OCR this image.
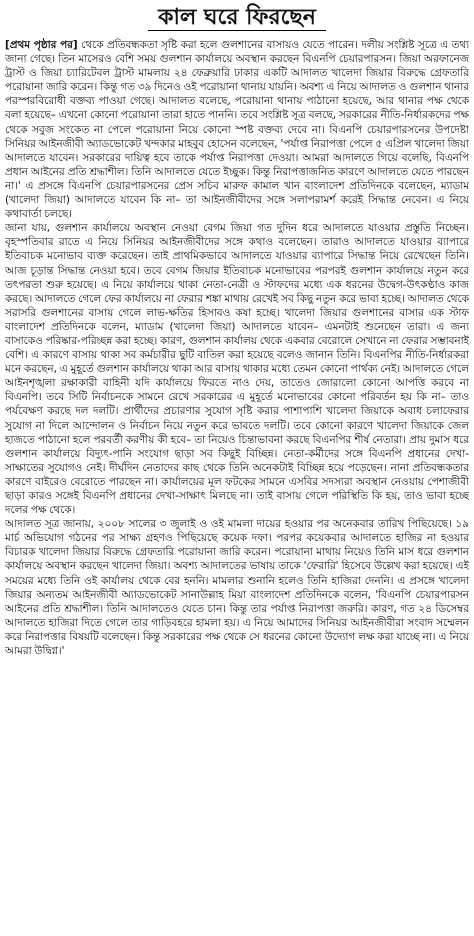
কাল ঘরে ফিরছেন

[প্রথম পৃষ্ঠার পর] থেকে প্রতিবন্ধকতা সৃষ্টি করা হলে গুলশানের বাসায়ও যেতে পারেন। দলীয় সংশ্লিষ্ট সূত্রে এ তথ্য জানা গেছে। তিন মাসেরও বেশি সময় গুলশান কার্যালয়ে অবস্থান করছেন বিএনপি চেয়ারপারসন। জিয়া অরফানেজ ট্রাস্ট ও জিয়া চ্যারিটেবল ট্রাস্ট মামলায় ২৪ ফেব্রুয়ারি ঢাকার একটি আদালত খালেদা জিয়ার বিরুদ্ধে গ্রেফতারি পরোয়ানা জারি করেন। কিন্তু গত ৩৯ দিনেও ওই পরোয়ানা থানায় যায়নি। অবশ্য এ নিয়ে আদালত ও গুলশান থানার পরস্পরবিরোধী বক্তব্য পাওয়া গেছে। আদালত বলেছে, পরোয়ানা থানায় পাঠানো হয়েছে, আর থানার পক্ষ থেকে বলা হয়েছে– এখনো কোনো পরোয়ানা তারা হাতে পাননি। তবে সংশ্লিষ্ট সূত্র বলছে, সরকারের নীতি-নির্ধারকদের পক্ষ থেকে সবুজ সংকেত না পেলে পরোয়ানা নিয়ে কোনো স্পষ্ট বক্তব্য দেবে না। বিএনপি চেয়ারপারসনের উপদেষ্টা সিনিয়র আইনজীবী অ্যাডভোকেট খন্দকার মাহবুব হোসেন বলেছেন, 'পর্যাপ্ত নিরাপত্তা পেলে ৫ এপ্রিল খালেদা জিয়া আদালতে যাবেন। সরকারের দায়িত্ব হবে তাকে পর্যাপ্ত নিরাপত্তা দেওয়া। আমরা আদালতে গিয়ে বলেছি, বিএনপি প্রধান আইনের প্রতি শ্রদ্ধাশীল। তিনি আদালতে যেতে ইচ্ছুক। কিন্তু নিরাপত্তাজনিত কারণে আদালতে যেতে পারছেন না।' এ প্রসঙ্গে বিএনপি চেয়ারপারসনের প্রেস সচিব মারুফ কামাল খান বাংলাদেশ প্রতিদিনকে বলেছেন, ম্যাডাম (খালেদা জিয়া) আদালতে যাবেন কি না– তা আইনজীবীদের সঙ্গে সলাপরামর্শ করেই সিদ্ধান্ত নেবেন। এ নিয়ে কথাবার্তা চলছে।

জানা যায়, গুলশান কার্যালয়ে অবস্থান নেওয়া বেগম জিয়া গত দুদিন ধরে আদালতে যাওয়ার প্রস্তুতি নিচ্ছেন। বৃহস্পতিবার রাতে এ নিয়ে সিনিয়র আইনজীবীদের সঙ্গে কথাও বলেছেন। তারাও আদালতে যাওয়ার ব্যাপারে ইতিবাচক মনোভাব ব্যক্ত করেছেন। তাই প্রাথমিকভাবে আদালতে যাওয়ার ব্যাপারে সিদ্ধান্ত নিয়ে রেখেছেন তিনি। আজ চূড়ান্ত সিদ্ধান্ত নেওয়া হবে। তবে বেগম জিয়ার ইতিবাচক মনোভাবের পরপরই গুলশান কার্যালয়ে নতুন করে তৎপরতা শুরু হয়েছে। এ নিয়ে কার্যালয়ে থাকা নেতা-নেত্রী ও স্টাফদের মধ্যে এক ধরনের উদ্বেগ-উৎকণ্ঠাও কাজ করছে। আদালতে গেলে ফের কার্যালয়ে না ফেরার শঙ্কা মাথায় রেখেই সব কিছু নতুন করে ভাবা হচ্ছে। আদালত থেকে সরাসরি গুলশানের বাসায় গেলে লাভ-ক্ষতির হিসাবও কষা হচ্ছে। খালেদা জিয়ার গুলশানের বাসার এক স্টাফ বাংলাদেশ প্রতিদিনকে বলেন, ম্যাডাম (খালেদা জিয়া) আদালতে যাবেন– এমনটাই শুনেছেন তারা। এ জন্য বাসাকেও পরিষ্কার-পরিচ্ছন্ন করা হচ্ছে। কারণ, গুলশান কার্যালয় থেকে একবার বেরোলে সেখানে না ফেরার সম্ভাবনাই বেশি। এ কারণে বাসায় থাকা সব কর্মচারীর ছুটি বাতিল করা হয়েছে বলেও জানান তিনি। বিএনপির নীতি-নির্ধারকরা মনে করছেন, এ মুহূর্তে গুলশান কার্যালয়ে থাকা আর বাসায় থাকার মধ্যে তেমন কোনো পার্থক্য নেই। আদালতে গেলে আইনশৃঙ্খলা রক্ষাকারী বাহিনী যদি কার্যালয়ে ফিরতে নাও দেয়, তাতেও জোরালো কোনো আপত্তি করবে না বিএনপি। তবে সিটি নির্বাচনকে সামনে রেখে সরকারের এ মুহূর্তে মনোভাবের কোনো পরিবর্তন হয় কি না– তাও পর্যবেক্ষণ করছে দল দলটি। প্রার্থীদের প্রচারণার সুযোগ সৃষ্টি করার পাশাপাশি খালেদা জিয়াকে অবাধ চলাফেরার সুযোগ না দিলে আন্দোলন ও নির্বাচন নিয়ে নতুন করে ভাবতে দলটি। তবে কোনো কারণে খালেদা জিয়াকে জেল হাজতে পাঠানো হলে পরবর্তী করণীয় কী হবে– তা নিয়েও চিন্তাভাবনা করছে বিএনপির শীর্ষ নেতারা। প্রায় দুমাস ধরে গুলশান কার্যালয়ে বিদ্যুৎ-পানি সংযোগ ছাড়া সব কিছুই বিচ্ছিন্ন। নেতা-কর্মীদের সঙ্গে বিএনপি প্রধানের দেখা-সাক্ষাতের সুযোগও নেই। দীর্ঘদিন নেতাদের কাছ থেকে তিনি অনেকটাই বিচ্ছিন্ন হয়ে পড়েছেন। নানা প্রতিবন্ধকতার কারণে বাইরেও বেরোতে পারছেন না। কার্যালয়ের মূল ফটকের সামনে এসবির সদস্যরা অবস্থান নেওয়ায় পেশাজীবী ছাড়া কারও সঙ্গেই বিএনপি প্রধানের দেখা-সাক্ষাৎ মিলছে না। তাই বাসায় গেলে পরিস্থিতি কি হয়, তাও ভাবা হচ্ছে দলের পক্ষ থেকে।

আদালত সূত্র জানায়, ২০০৮ সালের ৩ জুলাই ও ওই মামলা দায়ের হওয়ার পর অনেকবার তারিখ পিছিয়েছে। ১৯ মার্চ অভিযোগ গঠনের পর সাক্ষ্য গ্রহণও পিছিয়েছে কয়েক দফা। পরপর কয়েকবার আদালতে হাজির না হওয়ার বিচারক খালেদা জিয়ার বিরুদ্ধে গ্রেফতারি পরোয়ানা জারি করেন। পরোয়ানা মাথায় নিয়েও তিনি মাস ধরে গুলশান কার্যালয়ে অবস্থান করছেন খালেদা জিয়া। অবশ্য আদালতের ভাষায় তাকে 'ফেরারি' হিসেবে উল্লেখ করা হয়েছে। এই সময়ের মধ্যে তিনি ওই কার্যালয় থেকে বের হননি। মামলার শুনানি হলেও তিনি হাজিরা দেননি। এ প্রসঙ্গে খালেদা জিয়ার অন্যতম আইনজীবী অ্যাডভোকেট সানাউল্লাহ মিয়া বাংলাদেশ প্রতিদিনকে বলেন, 'বিএনপি চেয়ারপারসন আইনের প্রতি শ্রদ্ধাশীল। তিনি আদালতেও যেতে চান। কিন্তু তার পর্যাপ্ত নিরাপত্তা জরুরি। কারণ, গত ২৪ ডিসেম্বর আদালতে হাজিরা দিতে গেলে তার গাড়িবহরে হামলা হয়। এ নিয়ে আমাদের সিনিয়র আইনজীবীরা সংবাদ সম্মেলন করে নিরাপত্তার বিষয়টি বলেছেন। কিন্তু সরকারের পক্ষ থেকে সে ধরনের কোনো উদ্যোগ লক্ষ করা যাচ্ছে না। এ নিয়ে আমরা উদ্বিগ্ন।'
